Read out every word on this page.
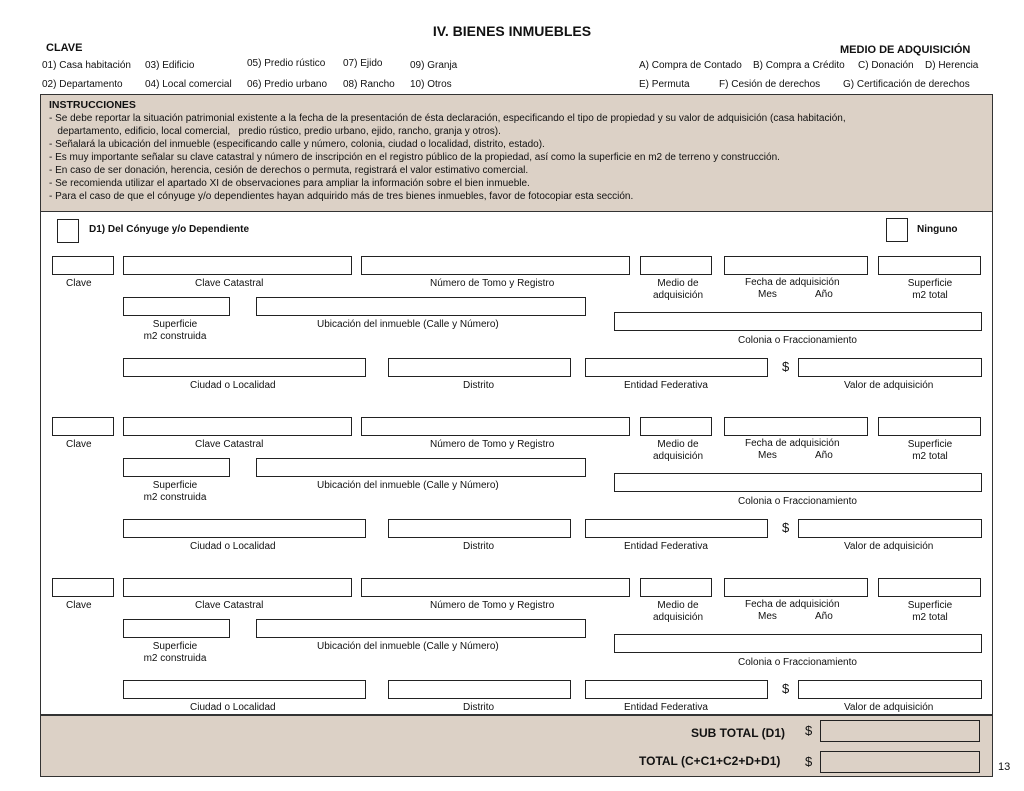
IV. BIENES INMUEBLES
CLAVE	MEDIO DE ADQUISICIÓN
01) Casa habitación 03) Edificio	05) Predio rústico 07) Ejido	09) Granja
02) Departamento 04) Local comercial 06) Predio urbano 08) Rancho 10) Otros
A) Compra de Contado B) Compra a Crédito C) Donación D) Herencia
E) Permuta	F) Cesión de derechos G) Certificación de derechos
INSTRUCCIONES
- Se debe reportar la situación patrimonial existente a la fecha de la presentación de ésta declaración, especificando el tipo de propiedad y su valor de adquisición (casa habitación,
departamento, edificio, local comercial,   predio rústico, predio urbano, ejido, rancho, granja y otros).
- Señalará la ubicación del inmueble (especificando calle y número, colonia, ciudad o localidad, distrito, estado).
- Es muy importante señalar su clave catastral y número de inscripción en el registro público de la propiedad, así como la superficie en m2 de terreno y construcción.
- En caso de ser donación, herencia, cesión de derechos o permuta, registrará el valor estimativo comercial.
- Se recomienda utilizar el apartado XI de observaciones para ampliar la información sobre el bien inmueble.
- Para el caso de que el cónyuge y/o dependientes hayan adquirido más de tres bienes inmuebles, favor de fotocopiar esta sección.
D1) Del Cónyuge y/o Dependiente	Ninguno
Clave	Clave Catastral	Número de Tomo y Registro	Medio de
adquisición
Fecha de adquisición
Mes	Año
Superficie
m2 total
Superficie
m2 construida
Ubicación del inmueble (Calle y Número)
Colonia o Fraccionamiento
$
Ciudad o Localidad	Distrito	Entidad Federativa	Valor de adquisición
Clave	Clave Catastral	Número de Tomo y Registro	Medio de
adquisición
Fecha de adquisición
Mes	Año
Superficie
m2 total
Superficie
m2 construida
Ubicación del inmueble (Calle y Número)
Colonia o Fraccionamiento
$
Ciudad o Localidad	Distrito	Entidad Federativa	Valor de adquisición
Clave	Clave Catastral	Número de Tomo y Registro	Medio de
adquisición
Fecha de adquisición
Mes	Año
Superficie
m2 total
Superficie
m2 construida
Ubicación del inmueble (Calle y Número)
Colonia o Fraccionamiento
$
Ciudad o Localidad	Distrito	Entidad Federativa	Valor de adquisición
SUB TOTAL (D1) $
TOTAL (C+C1+C2+D+D1) $	13
